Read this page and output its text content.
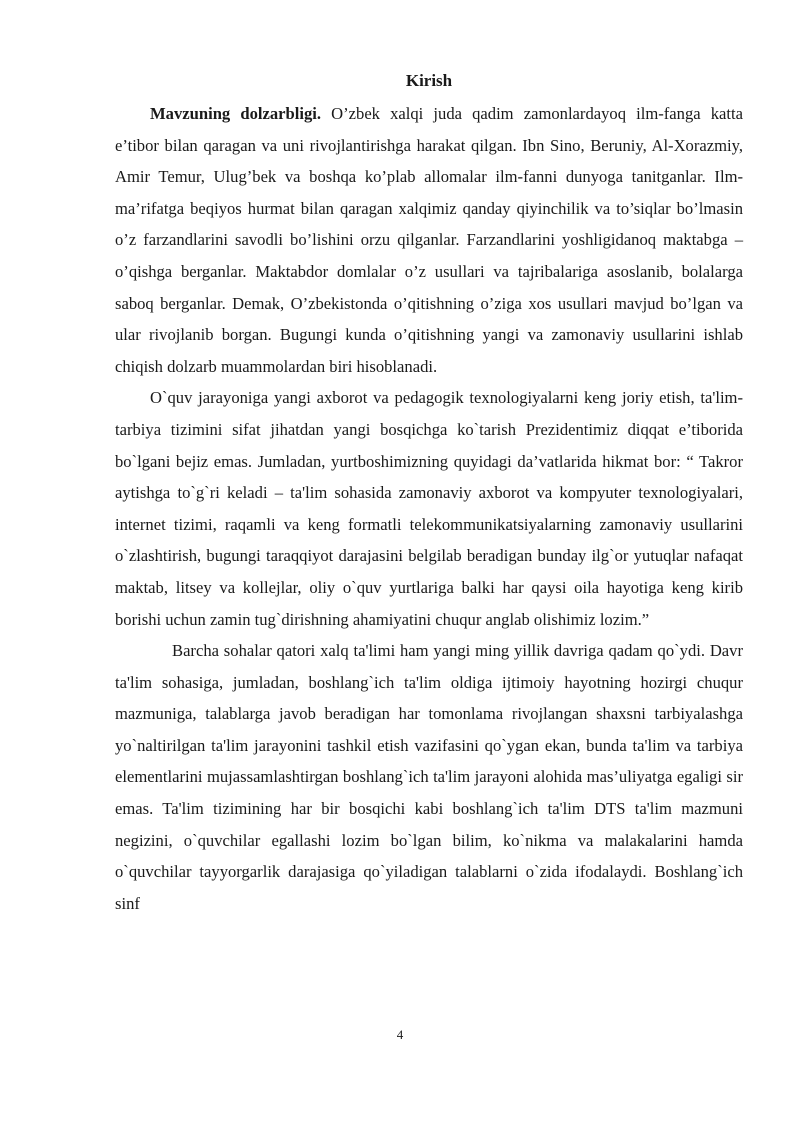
Kirish

Mavzuning dolzarbligi. O’zbek xalqi juda qadim zamonlardayoq ilm-fanga katta e’tibor bilan qaragan va uni rivojlantirishga harakat qilgan. Ibn Sino, Beruniy, Al-Xorazmiy, Amir Temur, Ulug’bek va boshqa ko’plab allomalar ilm-fanni dunyoga tanitganlar. Ilm-ma’rifatga beqiyos hurmat bilan qaragan xalqimiz qanday qiyinchilik va to’siqlar bo’lmasin o’z farzandlarini savodli bo’lishini orzu qilganlar. Farzandlarini yoshligidanoq maktabga – o’qishga berganlar. Maktabdor domlalar o’z usullari va tajribalariga asoslanib, bolalarga saboq berganlar. Demak, O’zbekistonda o’qitishning o’ziga xos usullari mavjud bo’lgan va ular rivojlanib borgan. Bugungi kunda o’qitishning yangi va zamonaviy usullarini ishlab chiqish dolzarb muammolardan biri hisoblanadi.

O`quv jarayoniga yangi axborot va pedagogik texnologiyalarni keng joriy etish, ta'lim-tarbiya tizimini sifat jihatdan yangi bosqichga ko`tarish Prezidentimiz diqqat e’tiborida bo`lgani bejiz emas. Jumladan, yurtboshimizning quyidagi da’vatlarida hikmat bor: “ Takror aytishga to`g`ri keladi – ta'lim sohasida zamonaviy axborot va kompyuter texnologiyalari, internet tizimi, raqamli va keng formatli telekommunikatsiyalarning zamonaviy usullarini o`zlashtirish, bugungi taraqqiyot darajasini belgilab beradigan bunday ilg`or yutuqlar nafaqat maktab, litsey va kollejlar, oliy o`quv yurtlariga balki har qaysi oila hayotiga keng kirib borishi uchun zamin tug`dirishning ahamiyatini chuqur anglab olishimiz lozim.”

Barcha sohalar qatori xalq ta'limi ham yangi ming yillik davriga qadam qo`ydi. Davr ta'lim sohasiga, jumladan, boshlang`ich ta'lim oldiga ijtimoiy hayotning hozirgi chuqur mazmuniga, talablarga javob beradigan har tomonlama rivojlangan shaxsni tarbiyalashga yo`naltirilgan ta'lim jarayonini tashkil etish vazifasini qo`ygan ekan, bunda ta'lim va tarbiya elementlarini mujassamlashtirgan boshlang`ich ta'lim jarayoni alohida mas’uliyatga egaligi sir emas. Ta'lim tizimining har bir bosqichi kabi boshlang`ich ta'lim DTS ta'lim mazmuni negizini, o`quvchilar egallashi lozim bo`lgan bilim, ko`nikma va malakalarini hamda o`quvchilar tayyorgarlik darajasiga qo`yiladigan talablarni o`zida ifodalaydi. Boshlang`ich sinf

4
